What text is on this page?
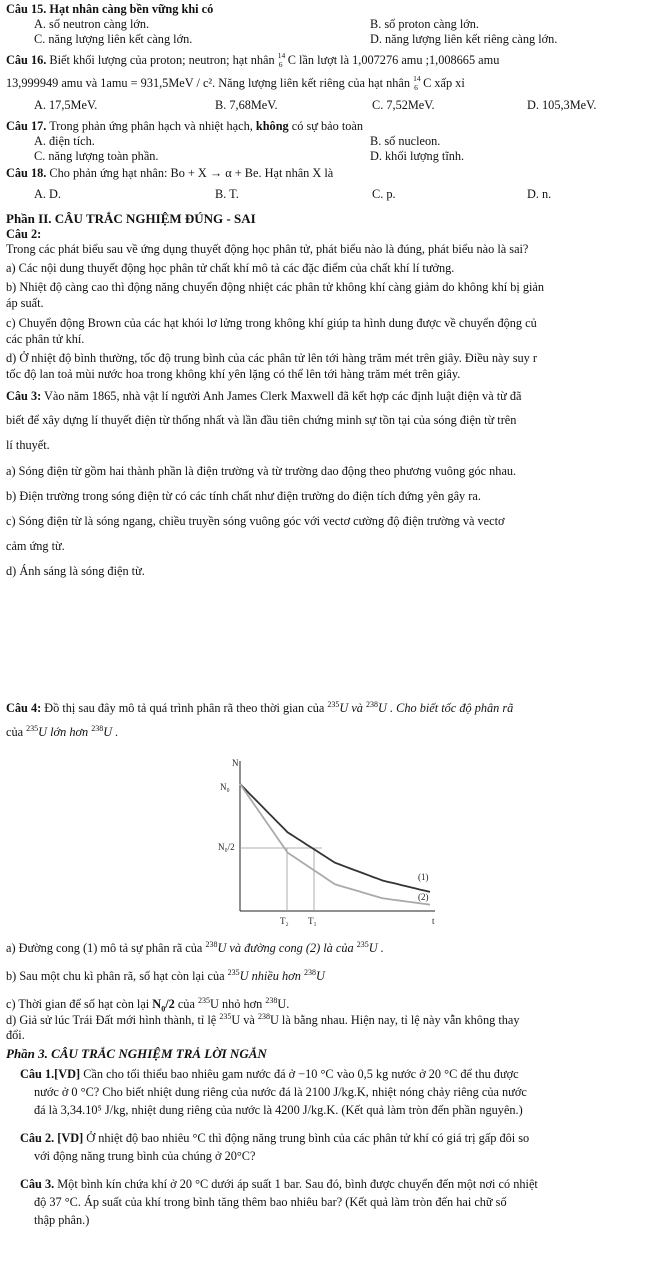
Câu 15. Hạt nhân càng bền vững khi có
A. số neutron càng lớn.	B. số proton càng lớn.
C. năng lượng liên kết càng lớn.	D. năng lượng liên kết riêng càng lớn.
Câu 16. Biết khối lượng của proton; neutron; hạt nhân 14
6 C lần lượt là 1,007276 amu ;1,008665 amu
13,999949 amu và 1amu = 931,5MeV / c². Năng lượng liên kết riêng của hạt nhân 14
6 C xấp xỉ
A. 17,5MeV.	B. 7,68MeV.	C. 7,52MeV.	D. 105,3MeV.
Câu 17. Trong phản ứng phân hạch và nhiệt hạch, không có sự bảo toàn
A. điện tích.	B. số nucleon.
C. năng lượng toàn phần.	D. khối lượng tĩnh.
Câu 18. Cho phản ứng hạt nhân: Bo + X → α + Be. Hạt nhân X là
A. D.	B. T.	C. p.	D. n.
Phần II. CÂU TRẮC NGHIỆM ĐÚNG - SAI
Câu 2:
Trong các phát biểu sau về ứng dụng thuyết động học phân tử, phát biểu nào là đúng, phát biểu nào là sai?
a) Các nội dung thuyết động học phân tử chất khí mô tả các đặc điểm của chất khí lí tưởng.
b) Nhiệt độ càng cao thì động năng chuyển động nhiệt các phân tử không khí càng giảm do không khí bị giản
áp suất.
c) Chuyển động Brown của các hạt khói lơ lửng trong không khí giúp ta hình dung được về chuyển động củ
các phân tử khí.
d) Ở nhiệt độ bình thường, tốc độ trung bình của các phân tử lên tới hàng trăm mét trên giây. Điều này suy r
tốc độ lan toả mùi nước hoa trong không khí yên lặng có thể lên tới hàng trăm mét trên giây.
Câu 3: Vào năm 1865, nhà vật lí người Anh James Clerk Maxwell đã kết hợp các định luật điện và từ đã
biết để xây dựng lí thuyết điện từ thống nhất và lần đầu tiên chứng minh sự tồn tại của sóng điện từ trên
lí thuyết.
a) Sóng điện từ gồm hai thành phần là điện trường và từ trường dao động theo phương vuông góc nhau.
b) Điện trường trong sóng điện từ có các tính chất như điện trường do điện tích đứng yên gây ra.
c) Sóng điện từ là sóng ngang, chiều truyền sóng vuông góc với vectơ cường độ điện trường và vectơ
cảm ứng từ.
d) Ánh sáng là sóng điện từ.
Câu 4: Đồ thị sau đây mô tả quá trình phân rã theo thời gian của $^{235}$U và $^{238}$U . Cho biết tốc độ phân rã
của $^{235}$U lớn hơn $^{238}$U .
N
t
N₀
N₀/2
T₂ T₁
(1)
(2)
a) Đường cong (1) mô tả sự phân rã của $^{238}$U và đường cong (2) là của $^{235}$U .
b) Sau một chu kì phân rã, số hạt còn lại của $^{235}$U nhiều hơn $^{238}$U
c) Thời gian để số hạt còn lại $N_0/2$ của $^{235}$U nhỏ hơn $^{238}$U.
d) Giả sử lúc Trái Đất mới hình thành, tỉ lệ $^{235}$U và $^{238}$U là bằng nhau. Hiện nay, tỉ lệ này vẫn không thay
đổi.
Phần 3. CÂU TRẮC NGHIỆM TRẢ LỜI NGẮN
Câu 1.[VD] Cần cho tối thiểu bao nhiêu gam nước đá ở −10 °C vào 0,5 kg nước ở 20 °C để thu được
nước ở 0 °C? Cho biết nhiệt dung riêng của nước đá là 2100 J/kg.K, nhiệt nóng chảy riêng của nước
đá là 3,34.10⁵ J/kg, nhiệt dung riêng của nước là 4200 J/kg.K. (Kết quả làm tròn đến phần nguyên.)
Câu 2. [VD] Ở nhiệt độ bao nhiêu °C thì động năng trung bình của các phân tử khí có giá trị gấp đôi so
với động năng trung bình của chúng ở 20°C?
Câu 3. Một bình kín chứa khí ở 20 °C dưới áp suất 1 bar. Sau đó, bình được chuyển đến một nơi có nhiệt
độ 37 °C. Áp suất của khí trong bình tăng thêm bao nhiêu bar? (Kết quả làm tròn đến hai chữ số
thập phân.)
